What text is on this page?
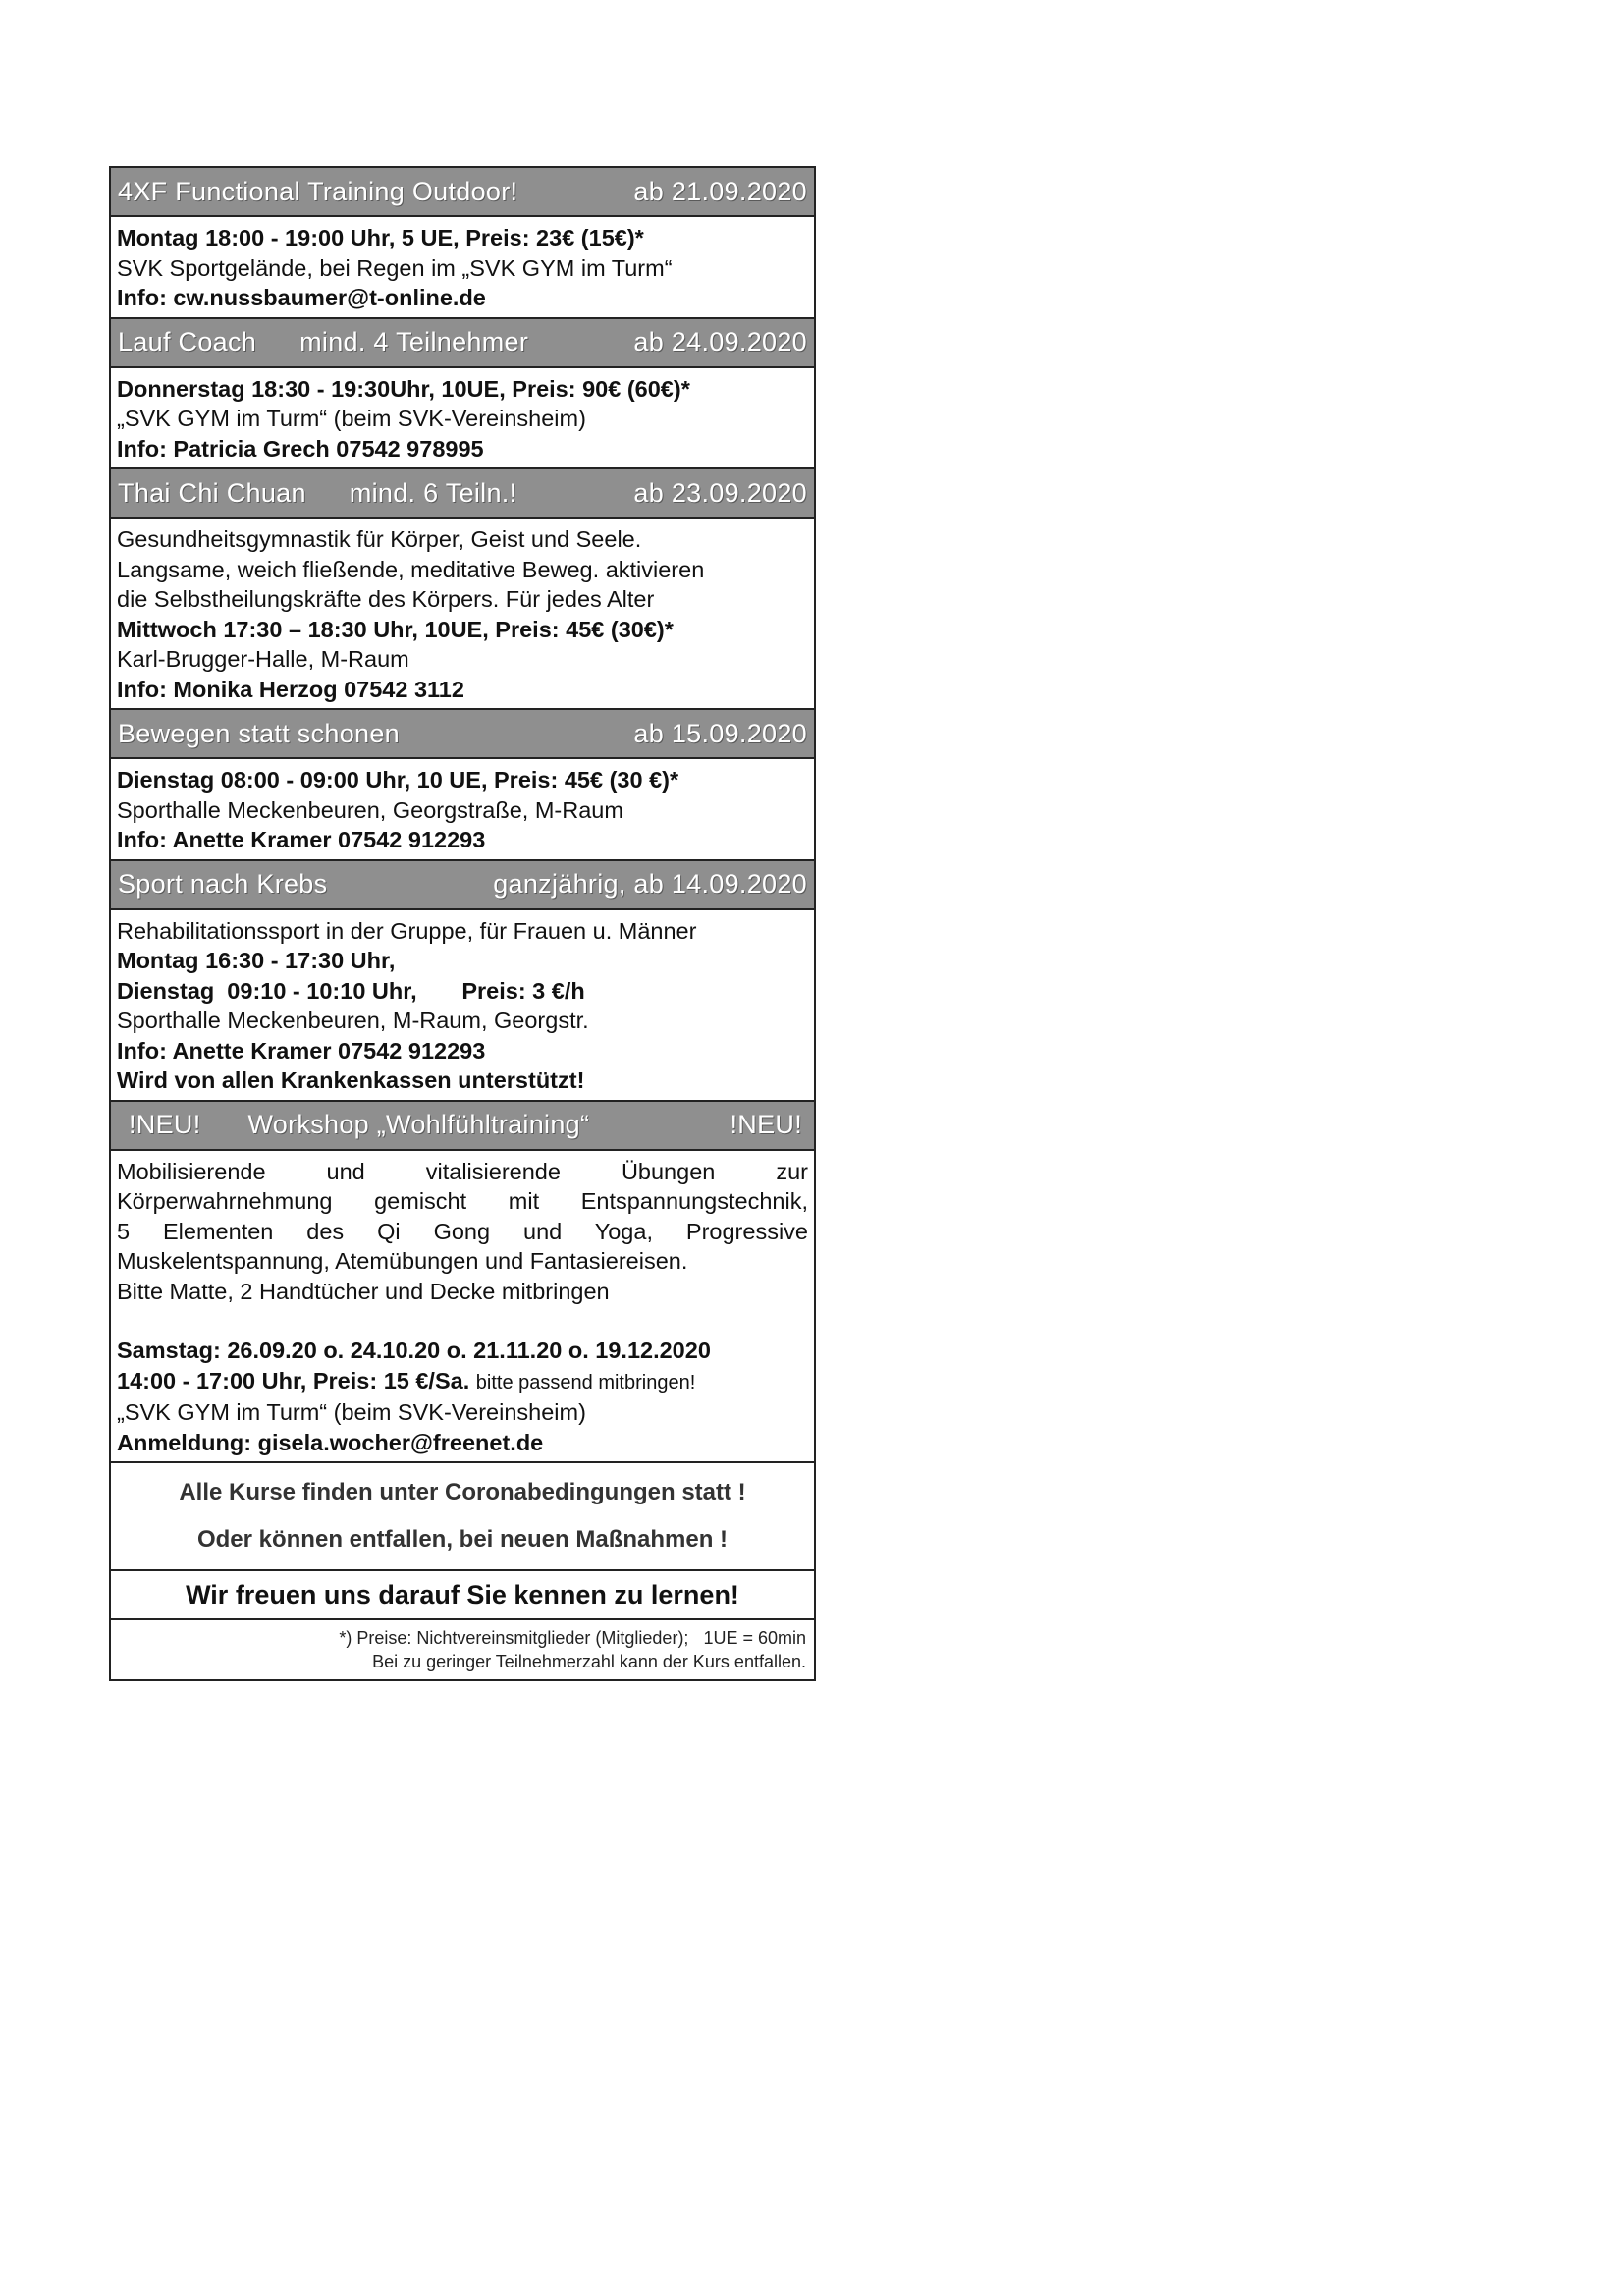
4XF Functional Training Outdoor!	ab 21.09.2020
Montag 18:00 - 19:00 Uhr, 5 UE, Preis: 23€ (15€)*
SVK Sportgelände, bei Regen im „SVK GYM im Turm“
Info: cw.nussbaumer@t-online.de
Lauf Coach mind. 4 Teilnehmer	ab 24.09.2020
Donnerstag 18:30 - 19:30Uhr, 10UE, Preis: 90€ (60€)*
„SVK GYM im Turm“ (beim SVK-Vereinsheim)
Info: Patricia Grech 07542 978995
Thai Chi Chuan mind. 6 Teiln.!	ab 23.09.2020
Gesundheitsgymnastik für Körper, Geist und Seele.
Langsame, weich fließende, meditative Beweg. aktivieren
die Selbstheilungskräfte des Körpers. Für jedes Alter
Mittwoch 17:30 – 18:30 Uhr, 10UE, Preis: 45€ (30€)*
Karl-Brugger-Halle, M-Raum
Info: Monika Herzog 07542 3112
Bewegen statt schonen	ab 15.09.2020
Dienstag 08:00 - 09:00 Uhr, 10 UE, Preis: 45€ (30 €)*
Sporthalle Meckenbeuren, Georgstraße, M-Raum
Info: Anette Kramer 07542 912293
Sport nach Krebs	ganzjährig, ab 14.09.2020
Rehabilitationssport in der Gruppe, für Frauen u. Männer
Montag 16:30 - 17:30 Uhr,
Dienstag  09:10 - 10:10 Uhr,       Preis: 3 €/h
Sporthalle Meckenbeuren, M-Raum, Georgstr.
Info: Anette Kramer 07542 912293
Wird von allen Krankenkassen unterstützt!
!NEU! Workshop „Wohlfühltraining“	!NEU!
Mobilisierende und vitalisierende Übungen zur
Körperwahrnehmung gemischt mit Entspannungstechnik,
5 Elementen des Qi Gong und Yoga, Progressive
Muskelentspannung, Atemübungen und Fantasiereisen.
Bitte Matte, 2 Handtücher und Decke mitbringen
Samstag: 26.09.20 o. 24.10.20 o. 21.11.20 o. 19.12.2020
14:00 - 17:00 Uhr, Preis: 15 €/Sa. bitte passend mitbringen!
„SVK GYM im Turm“ (beim SVK-Vereinsheim)
Anmeldung: gisela.wocher@freenet.de
Alle Kurse finden unter Coronabedingungen statt !
Oder können entfallen, bei neuen Maßnahmen !
Wir freuen uns darauf Sie kennen zu lernen!
*) Preise: Nichtvereinsmitglieder (Mitglieder);   1UE = 60min
Bei zu geringer Teilnehmerzahl kann der Kurs entfallen.
